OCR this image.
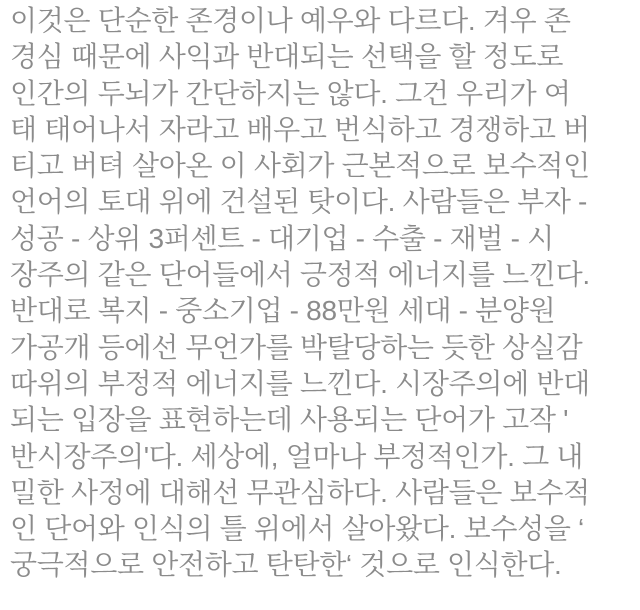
이것은 단순한 존경이나 예우와 다르다. 겨우 존
경심 때문에 사익과 반대되는 선택을 할 정도로
인간의 두뇌가 간단하지는 않다. 그건 우리가 여
태 태어나서 자라고 배우고 번식하고 경쟁하고 버
티고 버텨 살아온 이 사회가 근본적으로 보수적인
언어의 토대 위에 건설된 탓이다. 사람들은 부자 -
성공 - 상위 3퍼센트 - 대기업 - 수출 - 재벌 - 시
장주의 같은 단어들에서 긍정적 에너지를 느낀다.
반대로 복지 - 중소기업 - 88만원 세대 - 분양원
가공개 등에선 무언가를 박탈당하는 듯한 상실감
따위의 부정적 에너지를 느낀다. 시장주의에 반대
되는 입장을 표현하는데 사용되는 단어가 고작 '
반시장주의'다. 세상에, 얼마나 부정적인가. 그 내
밀한 사정에 대해선 무관심하다. 사람들은 보수적
인 단어와 인식의 틀 위에서 살아왔다. 보수성을 ‘
궁극적으로 안전하고 탄탄한‘ 것으로 인식한다.
